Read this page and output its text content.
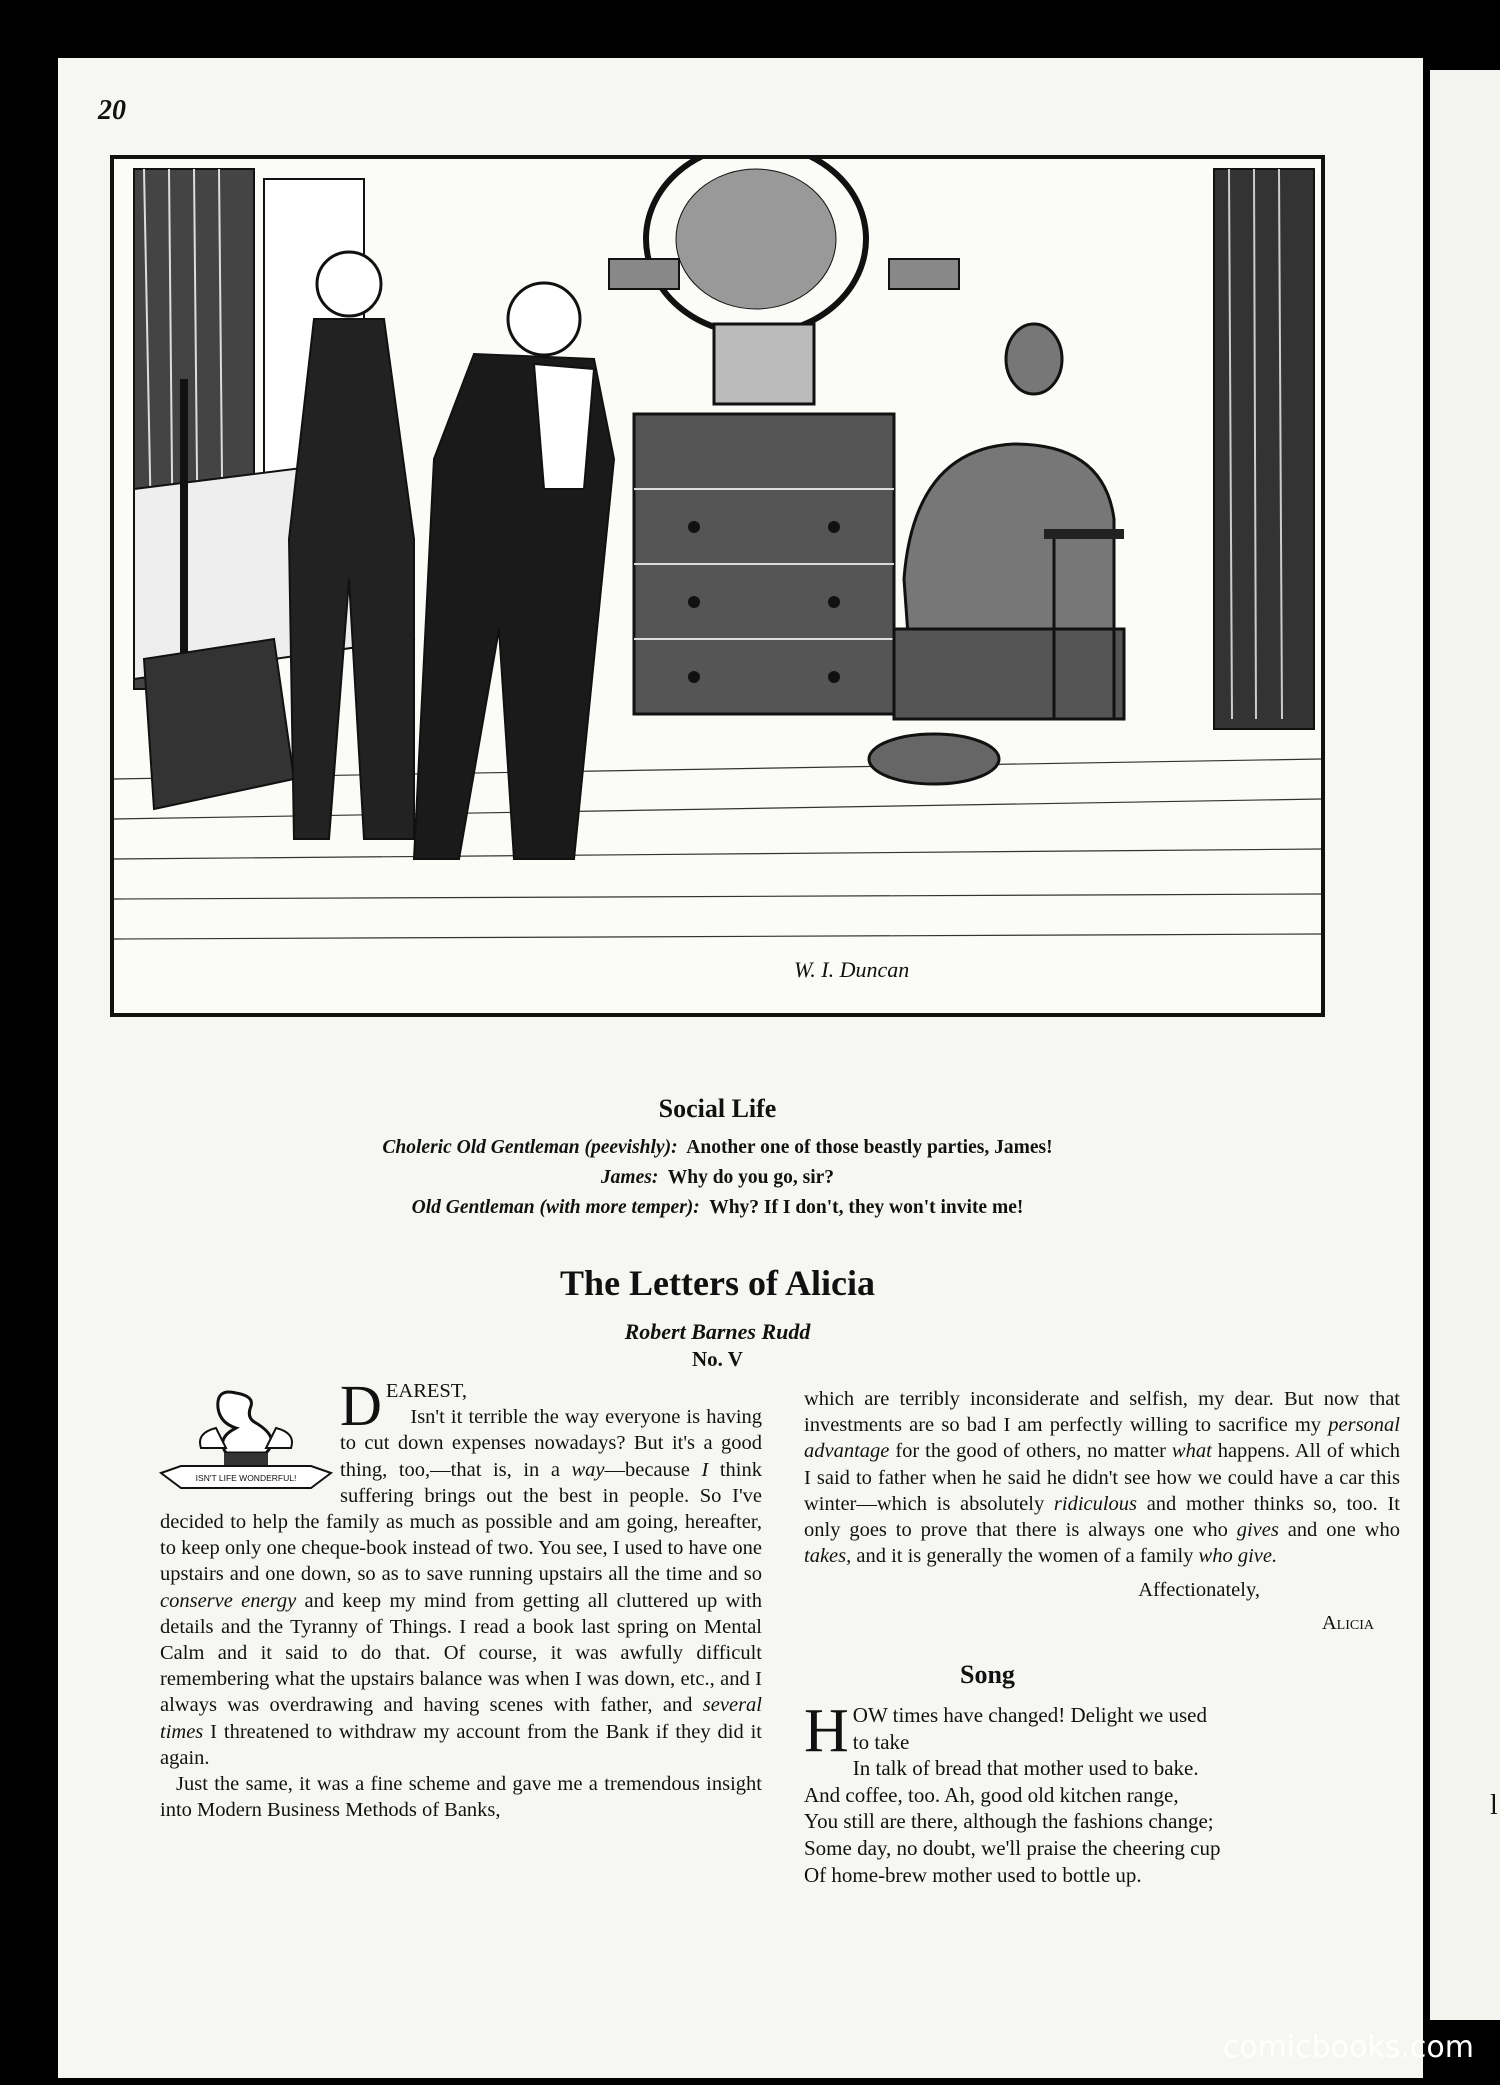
l
20
W. I. Duncan
Social Life
Choleric Old Gentleman (peevishly): Another one of those beastly parties, James!
James: Why do you go, sir?
Old Gentleman (with more temper): Why? If I don't, they won't invite me!
The Letters of Alicia
Robert Barnes Rudd
No. V
ISN'T LIFE WONDERFUL!

DEAREST,
Isn't it terrible the way everyone is having to cut down expenses nowadays? But it's a good thing, too,—that is, in a way—because I think suffering brings out the best in people. So I've decided to help the family as much as possible and am going, hereafter, to keep only one cheque-book instead of two. You see, I used to have one upstairs and one down, so as to save running upstairs all the time and so conserve energy and keep my mind from getting all cluttered up with details and the Tyranny of Things. I read a book last spring on Mental Calm and it said to do that. Of course, it was awfully difficult remembering what the upstairs balance was when I was down, etc., and I always was overdrawing and having scenes with father, and several times I threatened to withdraw my account from the Bank if they did it again.

Just the same, it was a fine scheme and gave me a tremendous insight into Modern Business Methods of Banks,

which are terribly inconsiderate and selfish, my dear. But now that investments are so bad I am perfectly willing to sacrifice my personal advantage for the good of others, no matter what happens. All of which I said to father when he said he didn't see how we could have a car this winter—which is absolutely ridiculous and mother thinks so, too. It only goes to prove that there is always one who gives and one who takes, and it is generally the women of a family who give.

Affectionately,
Alicia
Song
H OW times have changed! Delight we used to take
In talk of bread that mother used to bake.
And coffee, too. Ah, good old kitchen range,
You still are there, although the fashions change;
Some day, no doubt, we'll praise the cheering cup
Of home-brew mother used to bottle up.
comicbooks.com
